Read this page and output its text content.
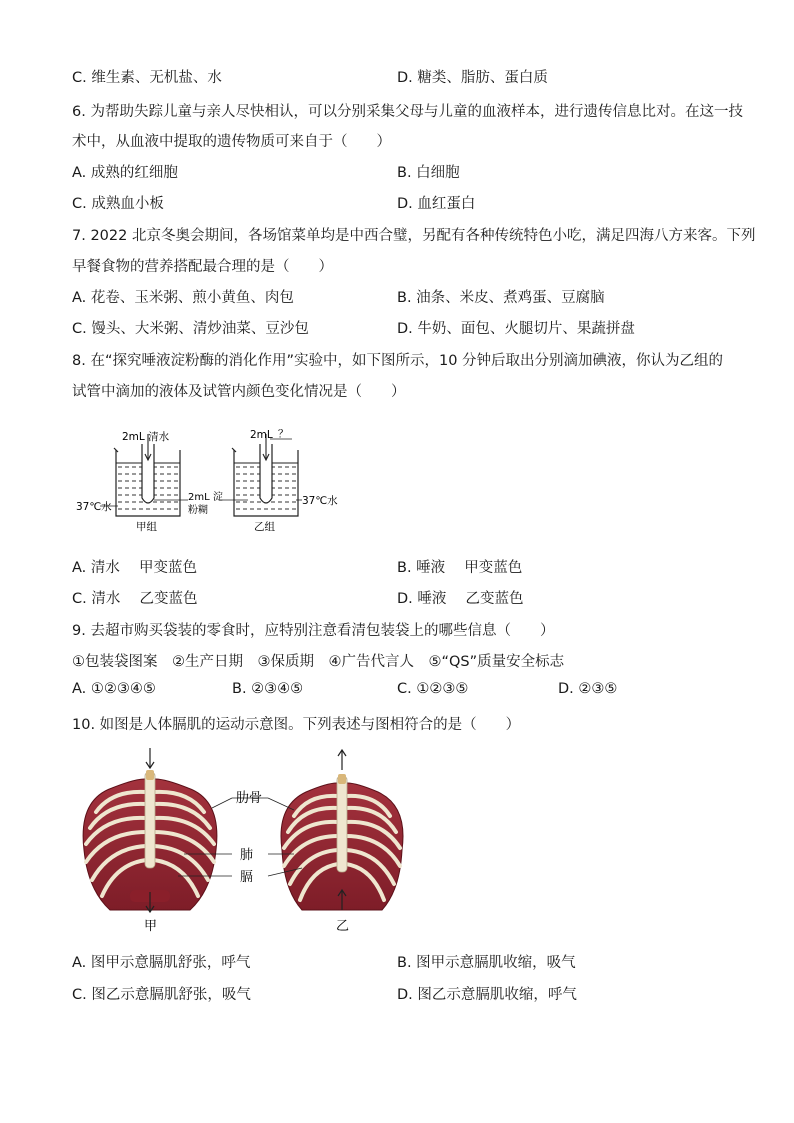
C. 维生素、无机盐、水	D. 糖类、脂肪、蛋白质
6. 为帮助失踪儿童与亲人尽快相认，可以分别采集父母与儿童的血液样本，进行遗传信息比对。在这一技
术中，从血液中提取的遗传物质可来自于（　　）
A. 成熟的红细胞	B. 白细胞
C. 成熟血小板	D. 血红蛋白
7. 2022 北京冬奥会期间，各场馆菜单均是中西合璧，另配有各种传统特色小吃，满足四海八方来客。下列
早餐食物的营养搭配最合理的是（　　）
A. 花卷、玉米粥、煎小黄鱼、肉包	B. 油条、米皮、煮鸡蛋、豆腐脑
C. 馒头、大米粥、清炒油菜、豆沙包	D. 牛奶、面包、火腿切片、果蔬拼盘
8. 在“探究唾液淀粉酶的消化作用”实验中，如下图所示，10 分钟后取出分别滴加碘液，你认为乙组的
试管中滴加的液体及试管内颜色变化情况是（　　）
2mL 清水
37℃水
甲组
2mL 淀
粉糊
2mL ？
37℃水
乙组
A. 清水　 甲变蓝色	B. 唾液　 甲变蓝色
C. 清水　 乙变蓝色	D. 唾液　 乙变蓝色
9. 去超市购买袋装的零食时，应特别注意看清包装袋上的哪些信息（　　）
①包装袋图案　②生产日期　③保质期　④广告代言人　⑤“QS”质量安全标志
A. ①②③④⑤	B. ②③④⑤	C. ①②③⑤	D. ②③⑤
10. 如图是人体膈肌的运动示意图。下列表述与图相符合的是（　　）
甲	乙
肋骨
肺
膈
A. 图甲示意膈肌舒张，呼气	B. 图甲示意膈肌收缩，吸气
C. 图乙示意膈肌舒张，吸气	D. 图乙示意膈肌收缩，呼气
